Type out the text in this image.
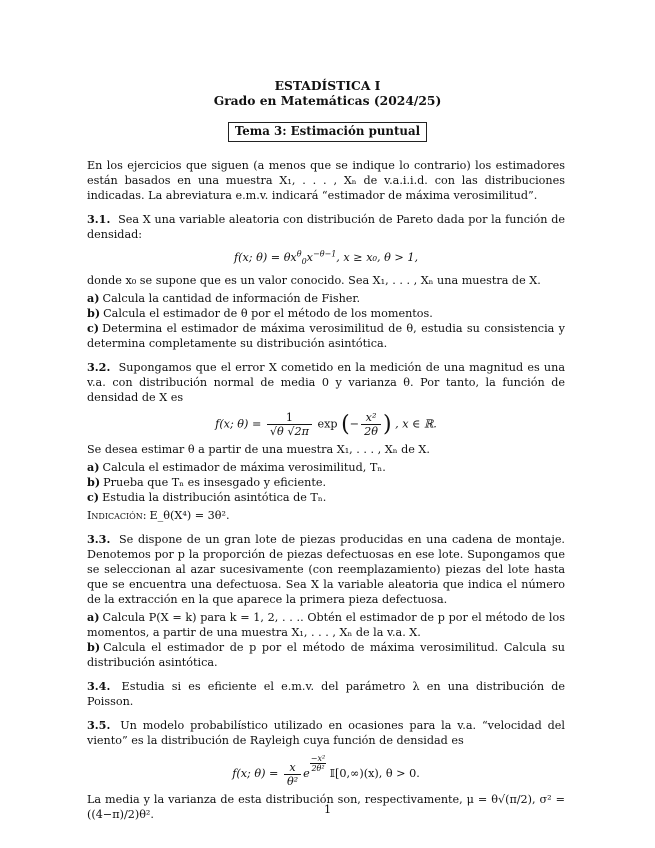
ESTADÍSTICA I
Grado en Matemáticas (2024/25)
Tema 3: Estimación puntual

En los ejercicios que siguen (a menos que se indique lo contrario) los estimadores están basados en una muestra X₁, . . . , Xₙ de v.a.i.i.d. con las distribuciones indicadas. La abreviatura e.m.v. indicará “estimador de máxima verosimilitud”.

3.1. Sea X una variable aleatoria con distribución de Pareto dada por la función de densidad:

f(x; $\theta) = \theta x^\theta_0x^{-\theta-1}$, x ≥ x₀, θ > 1,

donde x₀ se supone que es un valor conocido. Sea X₁, . . . , Xₙ una muestra de X.

a) Calcula la cantidad de información de Fisher.

b) Calcula el estimador de θ por el método de los momentos.

c) Determina el estimador de máxima verosimilitud de θ, estudia su consistencia y determina completamente su distribución asintótica.

3.2. Supongamos que el error X cometido en la medición de una magnitud es una v.a. con distribución normal de media 0 y varianza θ. Por tanto, la función de densidad de X es

f(x; $\theta) = \frac{1}{√\theta √2\pi}$ exp (− $\frac{\text{x²}}{2\theta}$ ) , x ∈ ℝ.

Se desea estimar θ a partir de una muestra X₁, . . . , Xₙ de X.

a) Calcula el estimador de máxima verosimilitud, Tₙ.

b) Prueba que Tₙ es insesgado y eficiente.

c) Estudia la distribución asintótica de Tₙ.

Indicación: E_θ(X⁴) = 3θ².

3.3. Se dispone de un gran lote de piezas producidas en una cadena de montaje. Denotemos por p la proporción de piezas defectuosas en ese lote. Supongamos que se seleccionan al azar sucesivamente (con reemplazamiento) piezas del lote hasta que se encuentra una defectuosa. Sea X la variable aleatoria que indica el número de la extracción en la que aparece la primera pieza defectuosa.

a) Calcula P(X = k) para k = 1, 2, . . .. Obtén el estimador de p por el método de los momentos, a partir de una muestra X₁, . . . , Xₙ de la v.a. X.

b) Calcula el estimador de p por el método de máxima verosimilitud. Calcula su distribución asintótica.

3.4. Estudia si es eficiente el e.m.v. del parámetro λ en una distribución de Poisson.

3.5. Un modelo probabilístico utilizado en ocasiones para la v.a. “velocidad del viento” es la distribución de Rayleigh cuya función de densidad es

f(x; $\theta) = \frac{x}{\text{θ²}}$ e
$\frac{\text{−x²}}{\text{2θ²}}$
𝕀[0,∞)(x), θ > 0.

La media y la varianza de esta distribución son, respectivamente, μ = θ√(π/2), σ² = ((4−π)/2)θ².	1
